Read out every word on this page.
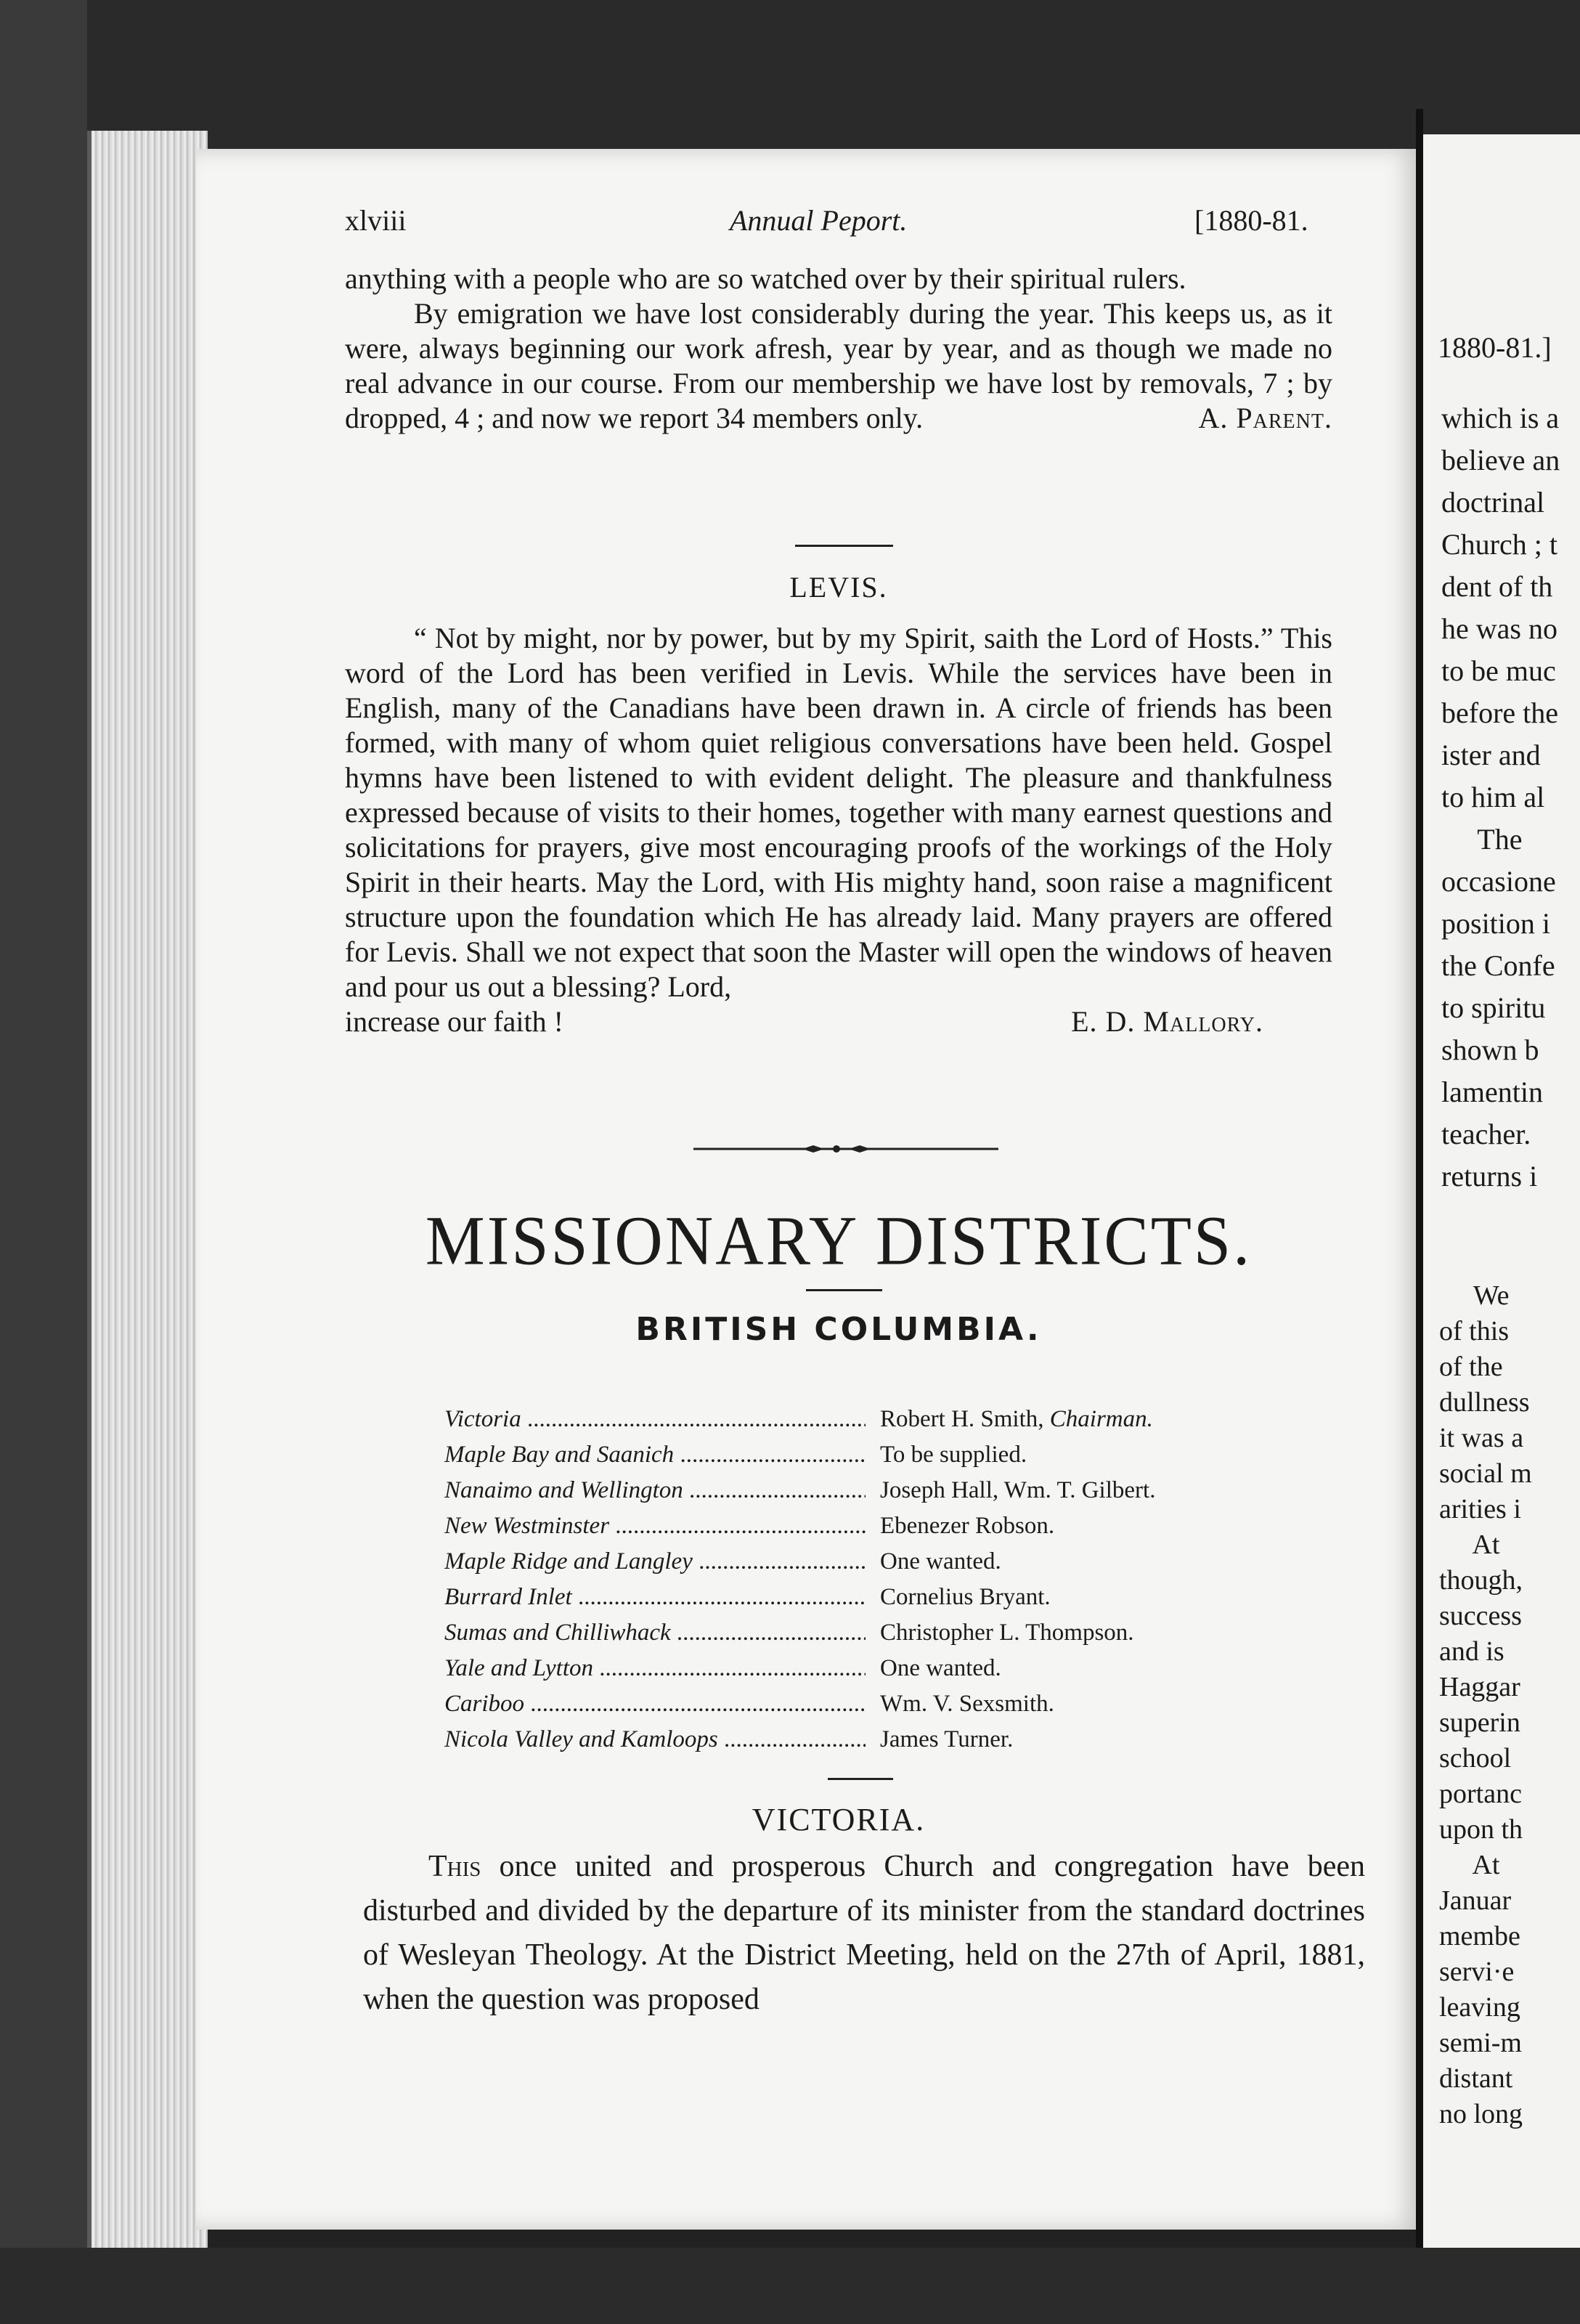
xlviii	Annual Peport.	[1880-81.

anything with a people who are so watched over by their spiritual rulers.

By emigration we have lost considerably during the year. This keeps us, as it were, always beginning our work afresh, year by year, and as though we made no real advance in our course. From our membership we have lost by removals, 7 ; by dropped, 4 ; and now we report 34 members only.	A. Parent.
LEVIS.

“ Not by might, nor by power, but by my Spirit, saith the Lord of Hosts.” This word of the Lord has been verified in Levis. While the services have been in English, many of the Canadians have been drawn in. A circle of friends has been formed, with many of whom quiet religious conversations have been held. Gospel hymns have been listened to with evident delight. The pleasure and thankfulness expressed because of visits to their homes, together with many earnest questions and solicitations for prayers, give most encouraging proofs of the workings of the Holy Spirit in their hearts. May the Lord, with His mighty hand, soon raise a magnificent structure upon the foundation which He has already laid. Many prayers are offered for Levis. Shall we not expect that soon the Master will open the windows of heaven and pour us out a blessing? Lord,

increase our faith !	E. D. Mallory.
MISSIONARY DISTRICTS.
BRITISH COLUMBIA.
Victoria .....	Robert H. Smith, Chairman.
Maple Bay and Saanich .....	To be supplied.
Nanaimo and Wellington .....	Joseph Hall, Wm. T. Gilbert.
New Westminster .....	Ebenezer Robson.
Maple Ridge and Langley .....	One wanted.
Burrard Inlet .....	Cornelius Bryant.
Sumas and Chilliwhack .....	Christopher L. Thompson.
Yale and Lytton .....	One wanted.
Cariboo .....	Wm. V. Sexsmith.
Nicola Valley and Kamloops .....	James Turner.
VICTORIA.

This once united and prosperous Church and congregation have been disturbed and divided by the departure of its minister from the standard doctrines of Wesleyan Theology. At the District Meeting, held on the 27th of April, 1881, when the question was proposed

1880-81.]
which is a
believe an
doctrinal
Church ; t
dent of th
he was no
to be muc
before the
ister and
to him al
The
occasione
position i
the Confe
to spiritu
shown b
lamentin
teacher.
returns i
We
of this
of the
dullness
it was a
social m
arities i
At
though,
success
and is
Haggar
superin
school
portanc
upon th
At
Januar
membe
servi·e
leaving
semi-m
distant
no long
